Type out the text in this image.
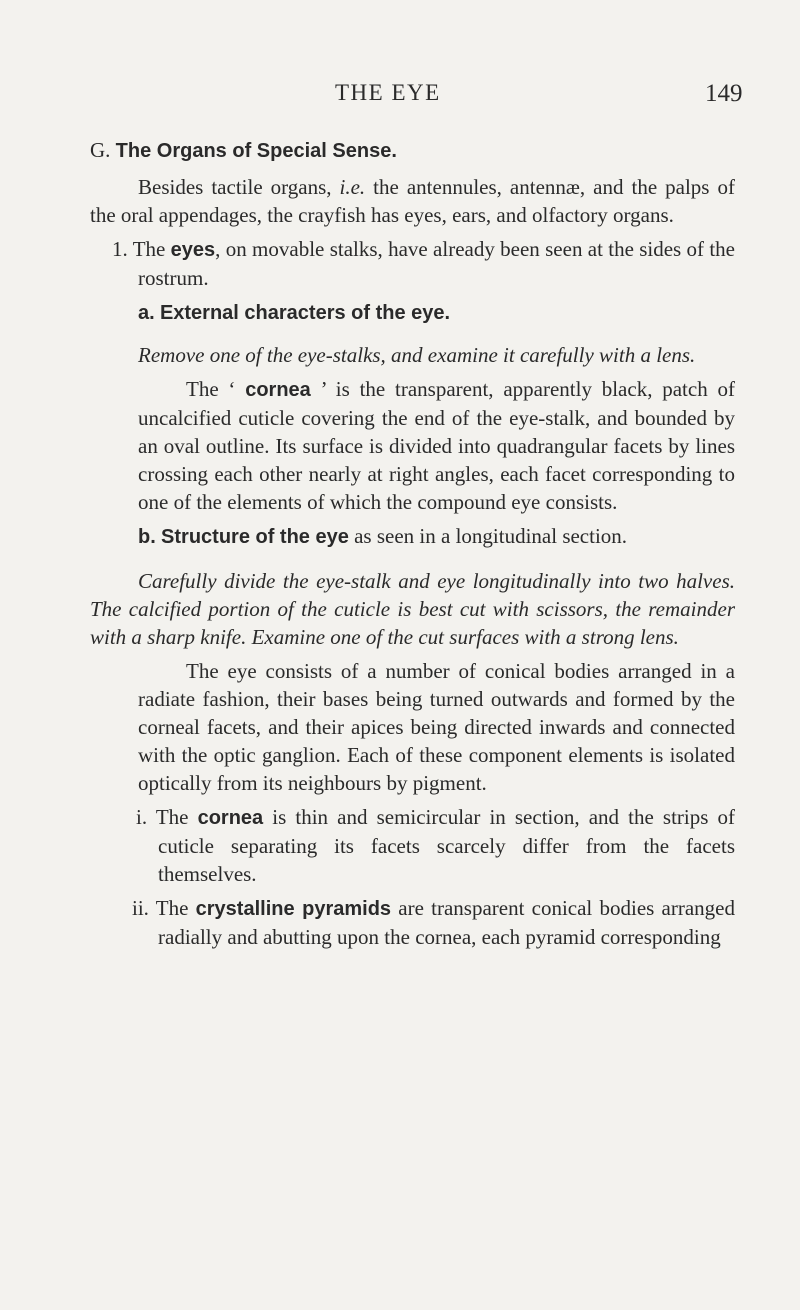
THE EYE	149

G. The Organs of Special Sense.

Besides tactile organs, i.e. the antennules, antennæ, and the palps of the oral appendages, the crayfish has eyes, ears, and olfactory organs.

1. The eyes, on movable stalks, have already been seen at the sides of the rostrum.

a. External characters of the eye.

Remove one of the eye-stalks, and examine it carefully with a lens.

The ‘ cornea ’ is the transparent, apparently black, patch of uncalcified cuticle covering the end of the eye-stalk, and bounded by an oval outline. Its surface is divided into quadrangular facets by lines crossing each other nearly at right angles, each facet corresponding to one of the elements of which the compound eye consists.

b. Structure of the eye as seen in a longitudinal section.

Carefully divide the eye-stalk and eye longitudinally into two halves. The calcified portion of the cuticle is best cut with scissors, the remainder with a sharp knife. Examine one of the cut surfaces with a strong lens.

The eye consists of a number of conical bodies arranged in a radiate fashion, their bases being turned outwards and formed by the corneal facets, and their apices being directed inwards and connected with the optic ganglion. Each of these component elements is isolated optically from its neighbours by pigment.

i. The cornea is thin and semicircular in section, and the strips of cuticle separating its facets scarcely differ from the facets themselves.

ii. The crystalline pyramids are transparent conical bodies arranged radially and abutting upon the cornea, each pyramid corresponding
